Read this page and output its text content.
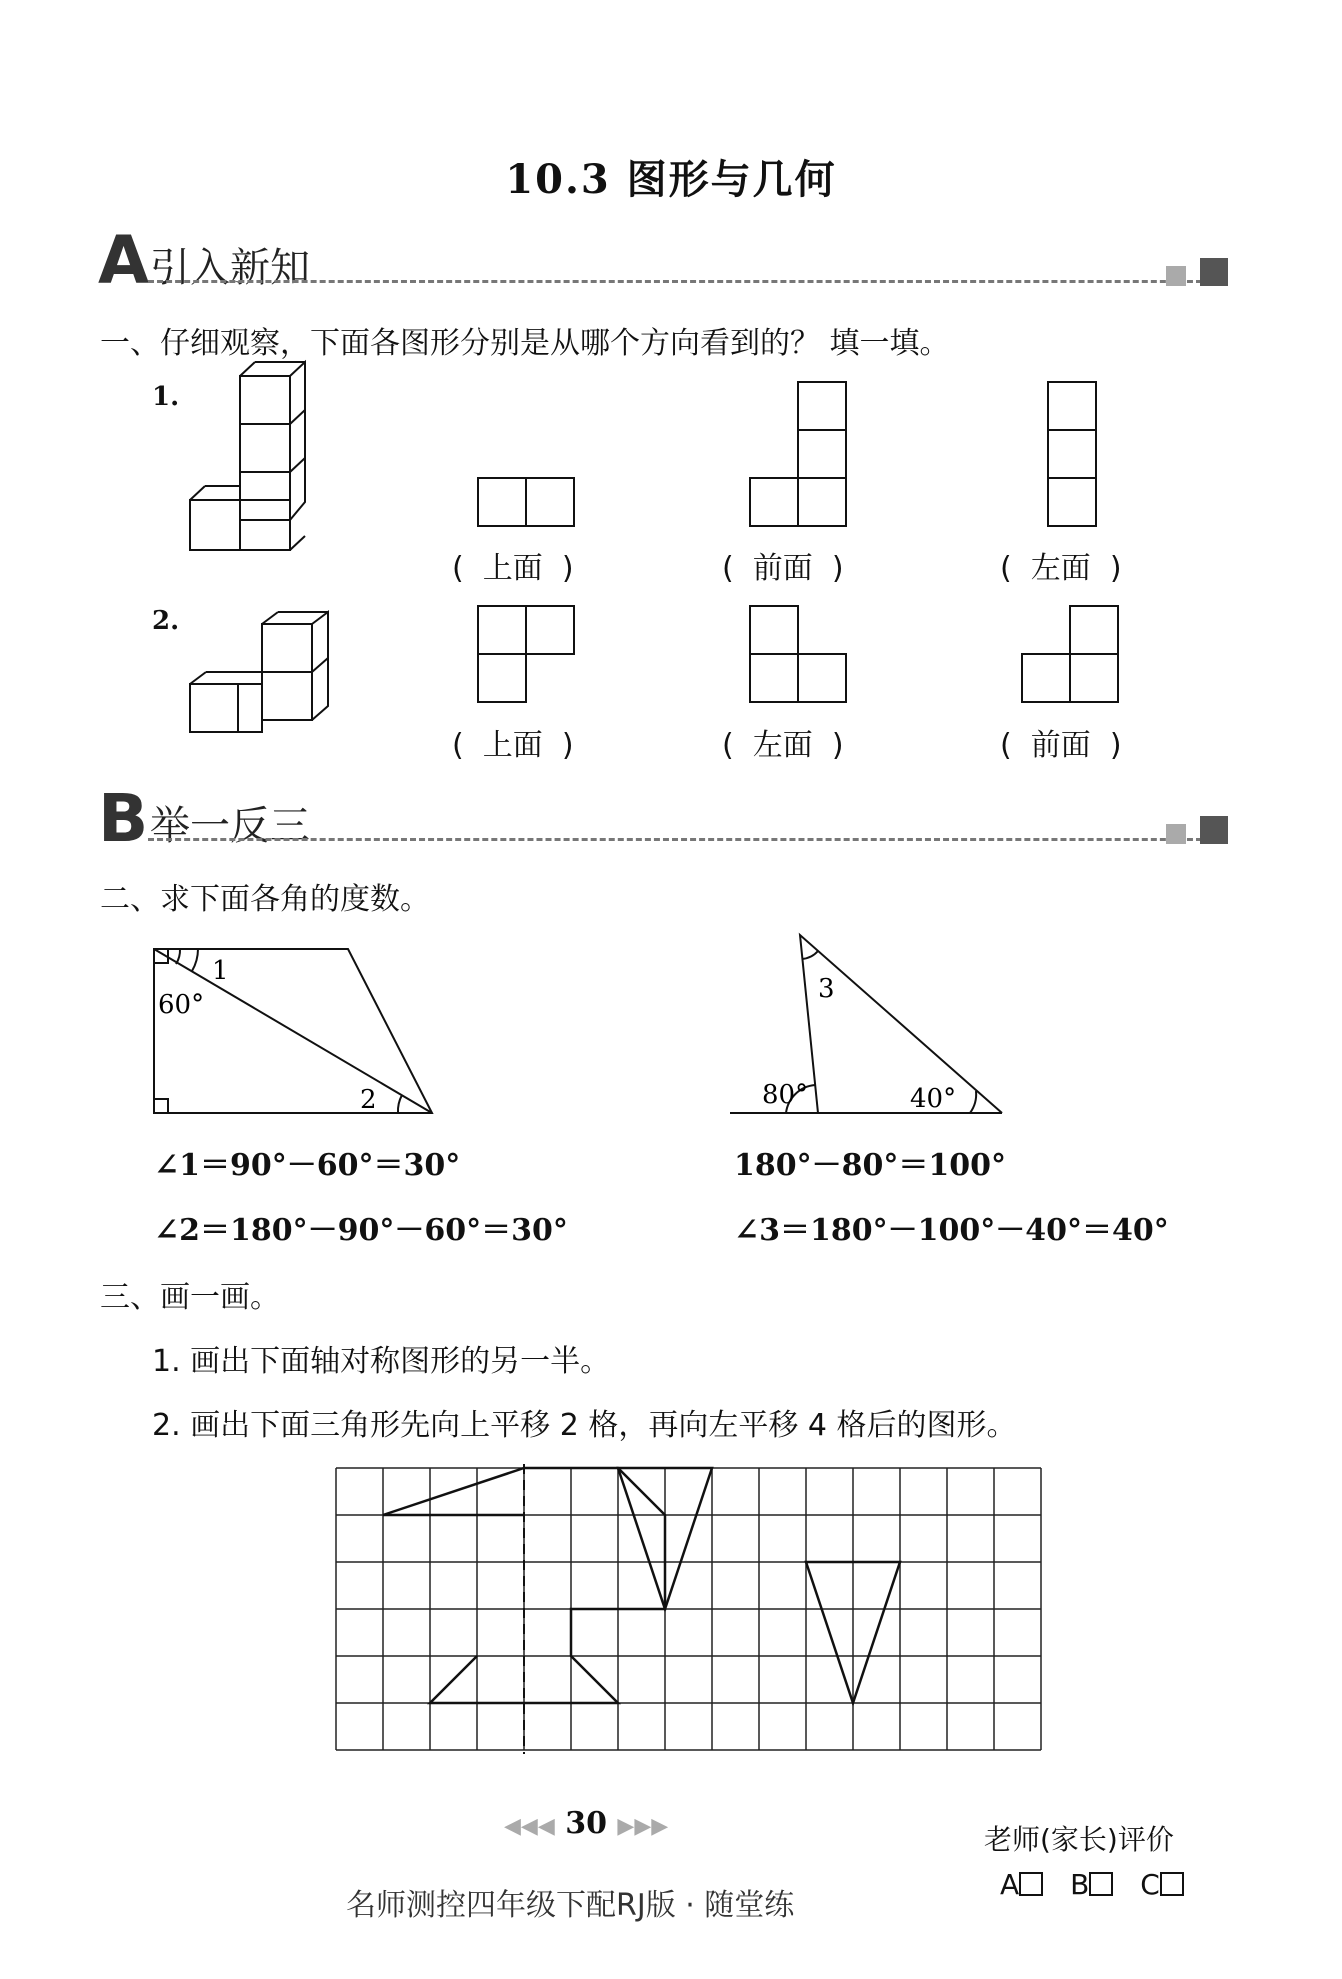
10.3 图形与几何
A 引入新知
一、仔细观察，下面各图形分别是从哪个方向看到的？ 填一填。
1.
2.
(  上面  )	(  前面  )	(  左面  )
(  上面  )	(  左面  )	(  前面  )
B 举一反三
二、求下面各角的度数。
1
60°
2
3
80°	40°
∠1＝90°－60°＝30°
∠2＝180°－90°－60°＝30°
180°－80°＝100°
∠3＝180°－100°－40°＝40°
三、画一画。
1. 画出下面轴对称图形的另一半。
2. 画出下面三角形先向上平移 2 格，再向左平移 4 格后的图形。
◀◀◀ 30 ▶▶▶	老师(家长)评价
A B C
名师测控四年级下配RJ版 · 随堂练
